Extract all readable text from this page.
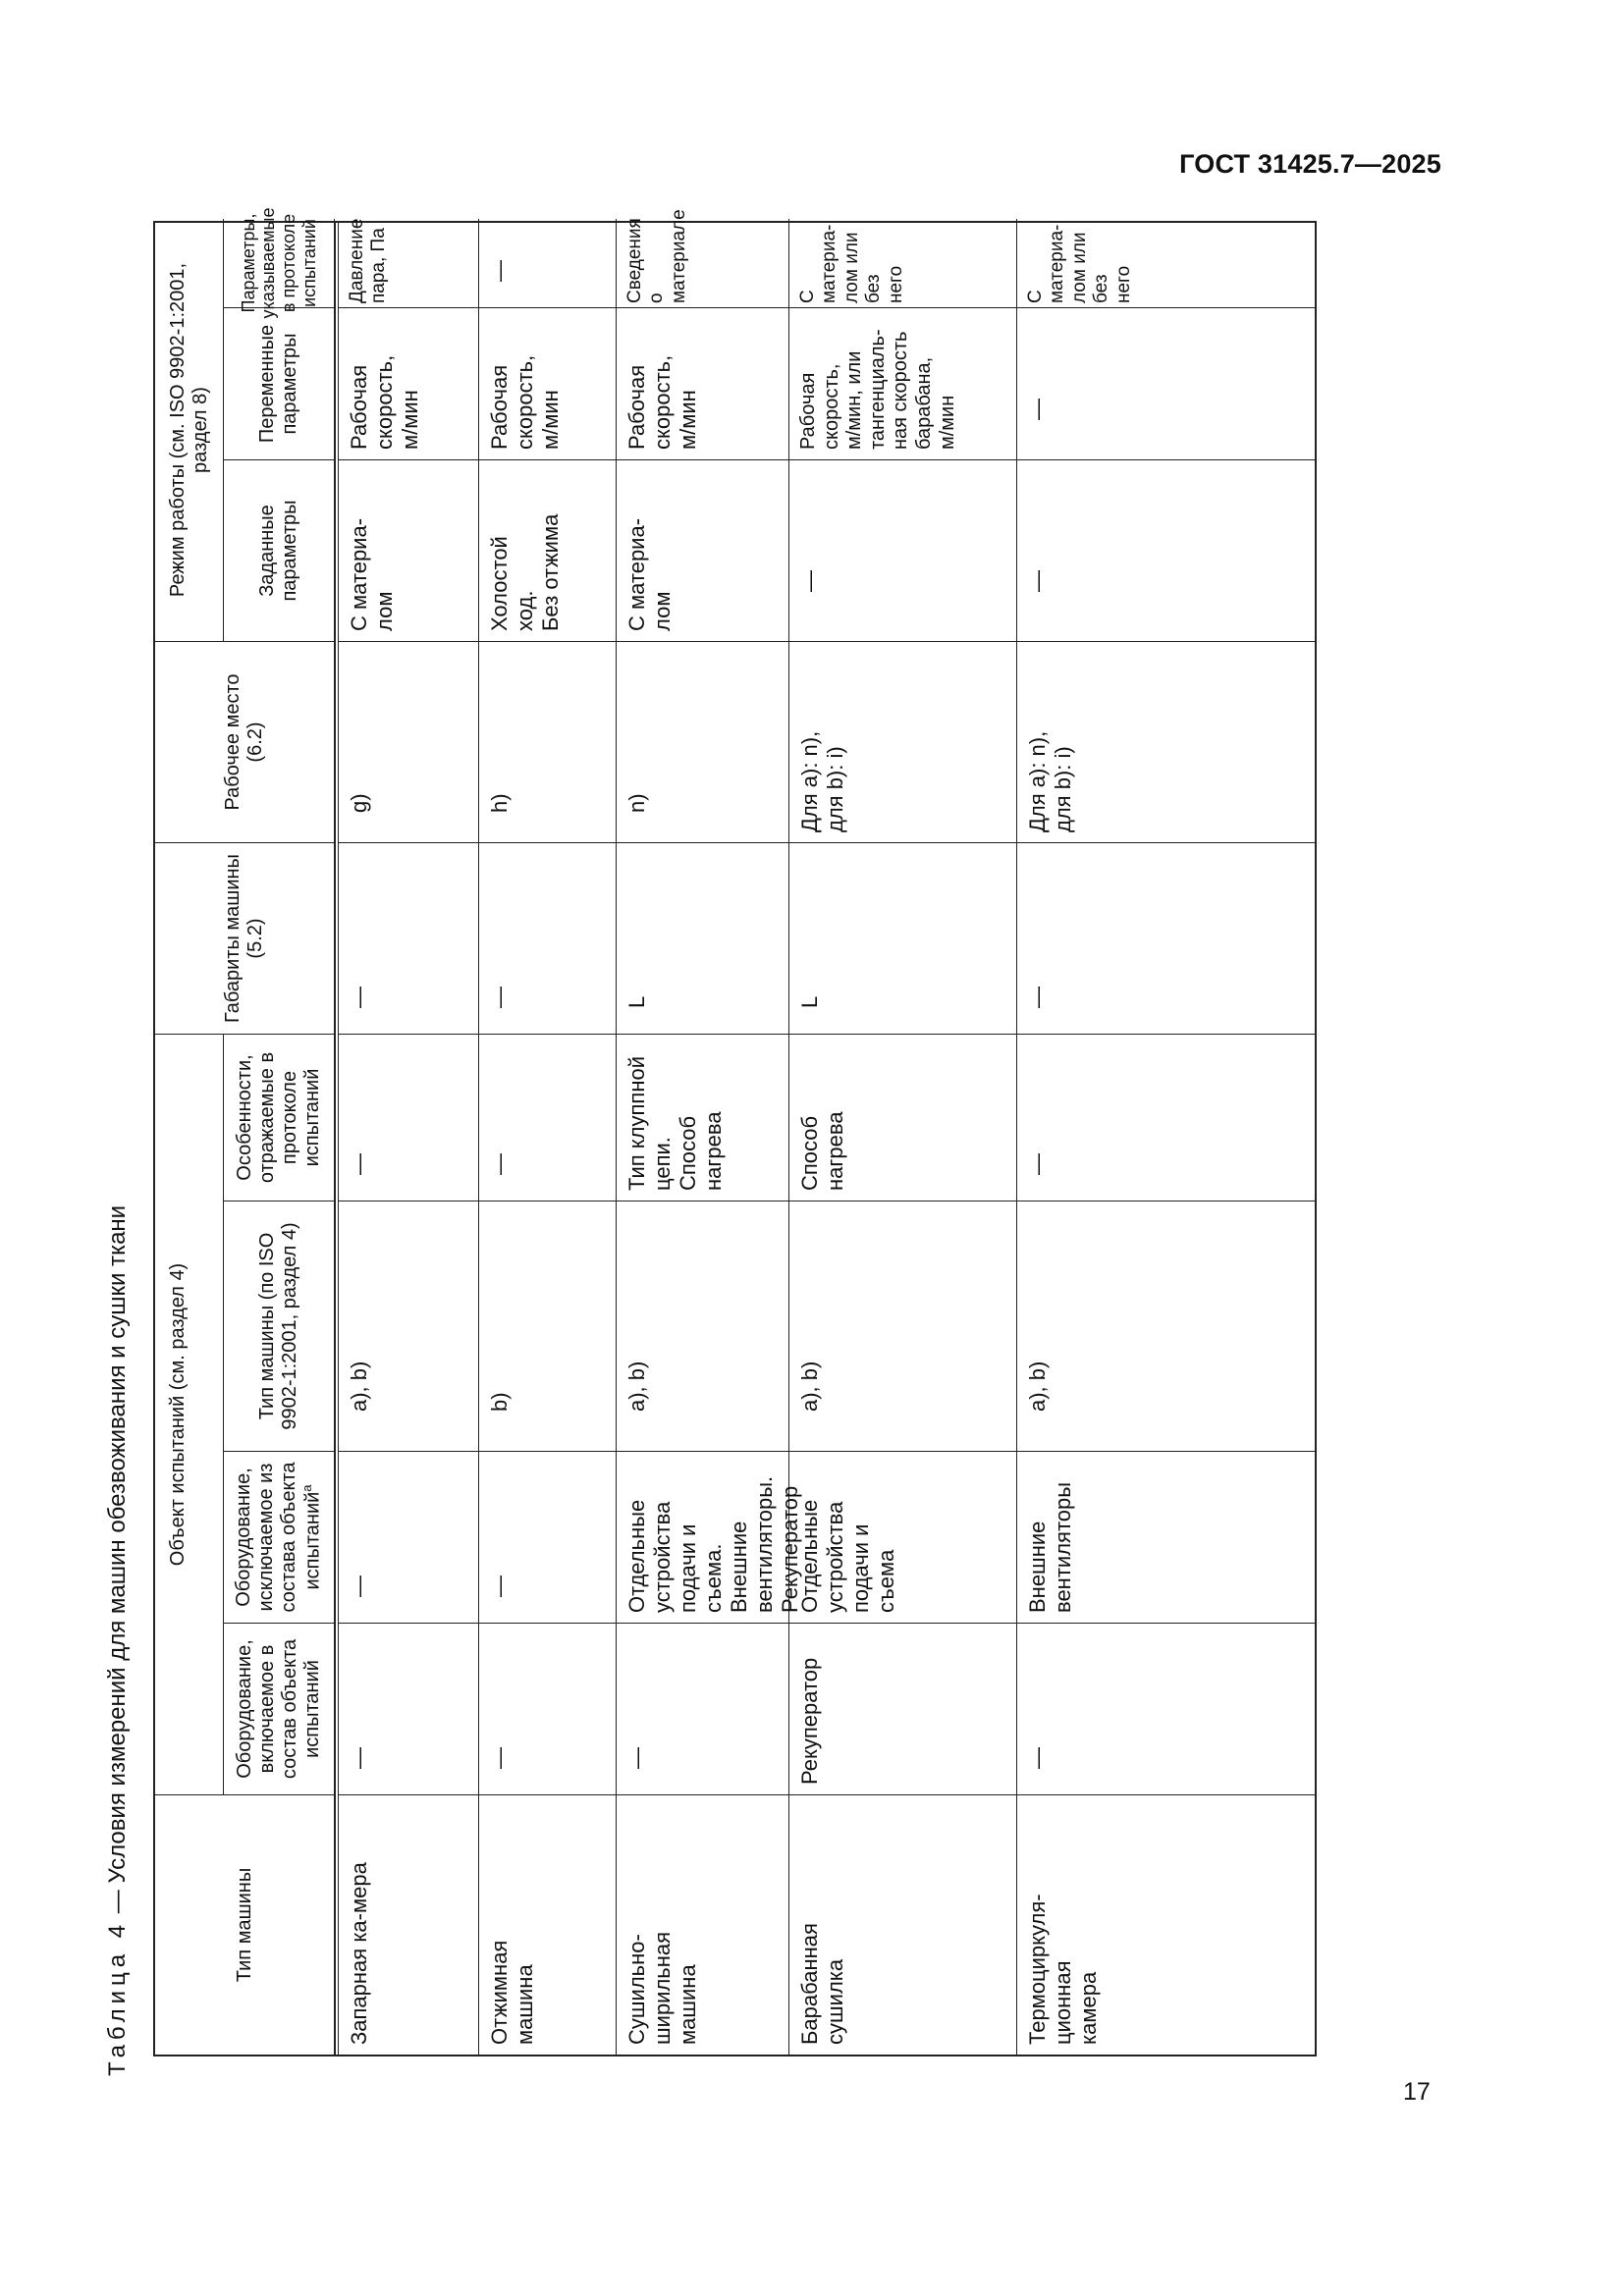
ГОСТ 31425.7—2025
Таблица 4 — Условия измерений для машин обезвоживания и сушки ткани
Тип машины
Объект испытаний (см. раздел 4)
Оборудование, включаемое в состав объекта испытаний
Оборудование, исключаемое из состава объекта испытаний$^a$
Тип машины (по ISO 9902-1:2001, раздел 4)
Особенности, отражаемые в протоколе испытаний
Габариты машины (5.2)
Рабочее место (6.2)
Режим работы (см. ISO 9902-1:2001, раздел 8)
Заданные параметры
Переменные параметры
Параметры, указываемые в протоколе испытаний
Запарная ка-мера
—
—
a), b)
—
—
g)
С материа-
лом
Рабочая
скорость,
м/мин
Давление
пара, Па
Отжимная
машина
—
—
b)
—
—
h)
Холостой
ход.
Без отжима
Рабочая
скорость,
м/мин
—
Сушильно-
ширильная
машина
—
Отдельные
устройства
подачи и съема.
Внешние
вентиляторы.
Рекуператор
a), b)
Тип клуппной
цепи.
Способ
нагрева
L
n)
С материа-
лом
Рабочая
скорость,
м/мин
Сведения о
материале
Барабанная
сушилка
Рекуператор
Отдельные
устройства
подачи и съема
a), b)
Способ
нагрева
L
Для a): n),
для b): i)
—
Рабочая
скорость,
м/мин, или
тангенциаль-
ная скорость
барабана,
м/мин
С материа-
лом или без
него
Термоциркуля-
ционная
камера
—
Внешние
вентиляторы
a), b)
—
—
Для a): n),
для b): i)
—
—
С материа-
лом или без
него
17
